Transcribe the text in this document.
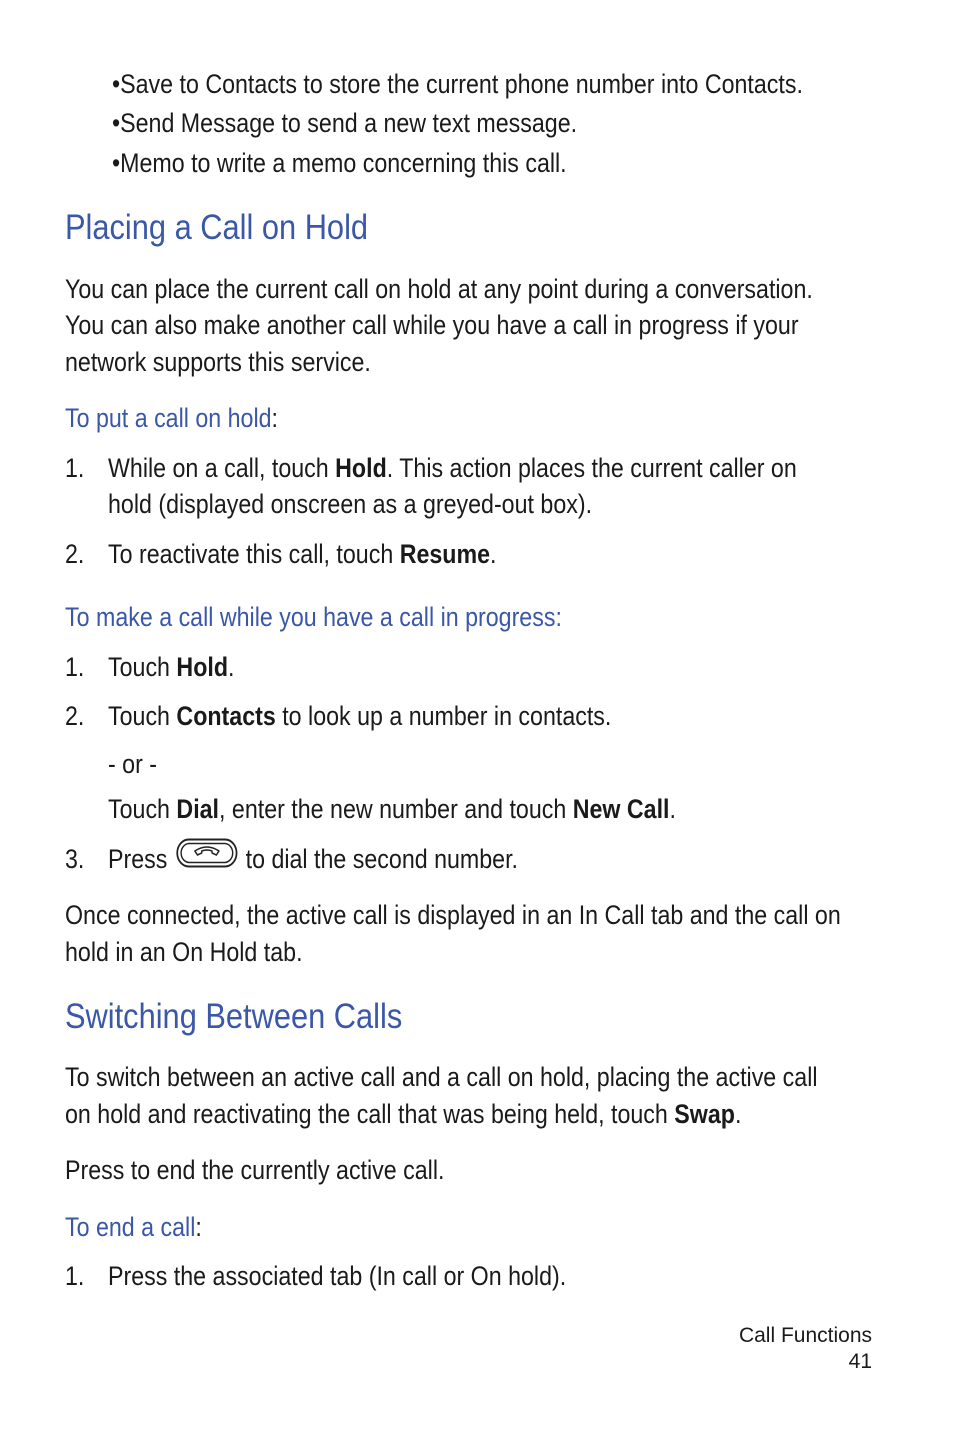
•Save to Contacts to store the current phone number into Contacts.
•Send Message to send a new text message.
•Memo to write a memo concerning this call.
Placing a Call on Hold
You can place the current call on hold at any point during a conversation.
You can also make another call while you have a call in progress if your
network supports this service.
To put a call on hold:
1. While on a call, touch Hold. This action places the current caller on
hold (displayed onscreen as a greyed-out box).
2. To reactivate this call, touch Resume.
To make a call while you have a call in progress:
1. Touch Hold.
2. Touch Contacts to look up a number in contacts.
- or -
Touch Dial, enter the new number and touch New Call.
3. Press  to dial the second number.
Once connected, the active call is displayed in an In Call tab and the call on
hold in an On Hold tab.
Switching Between Calls
To switch between an active call and a call on hold, placing the active call
on hold and reactivating the call that was being held, touch Swap.
Press to end the currently active call.
To end a call:
1. Press the associated tab (In call or On hold).
Call Functions
41
